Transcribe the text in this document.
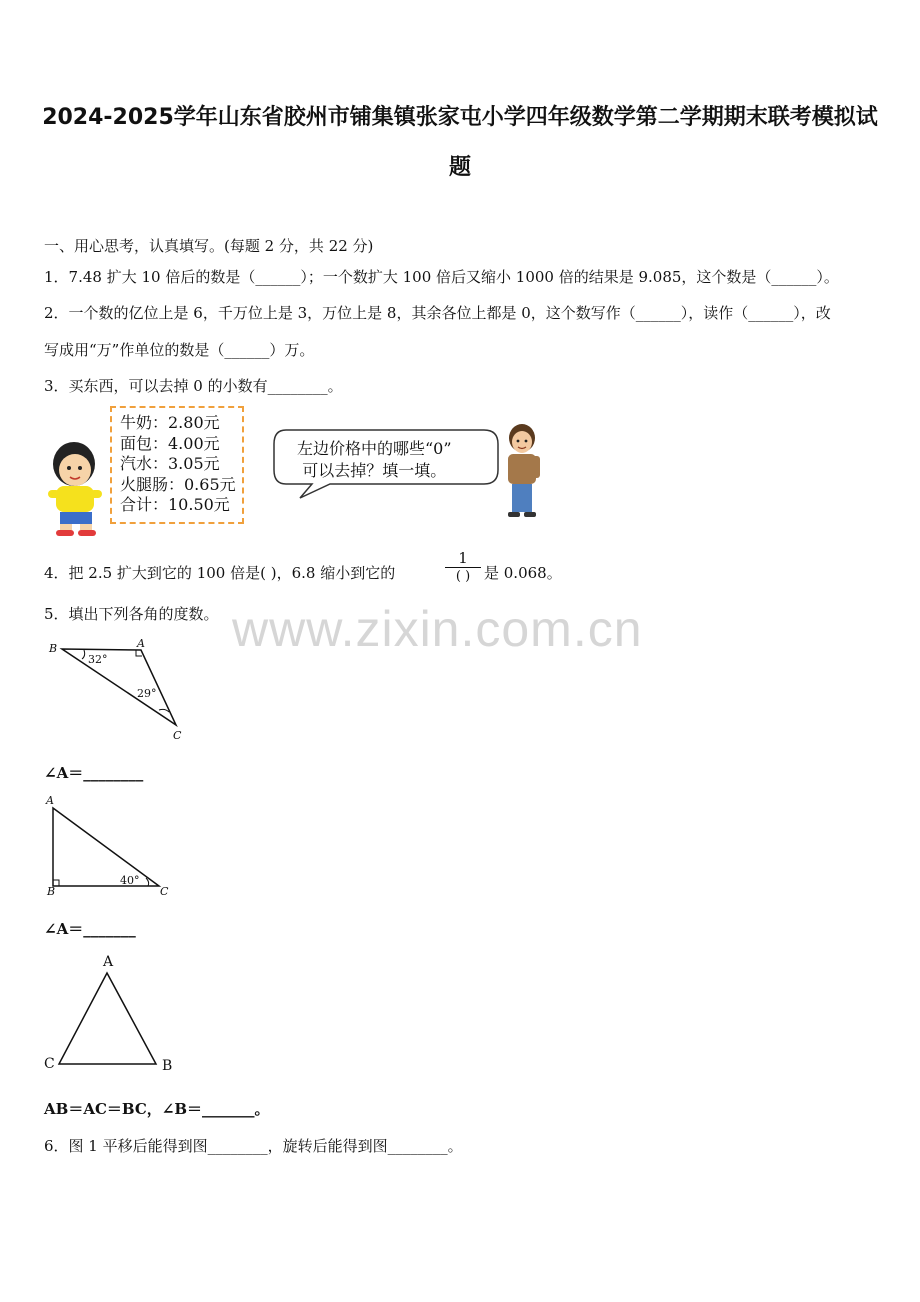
2024-2025学年山东省胶州市铺集镇张家屯小学四年级数学第二学期期末联考模拟试
题
www.zixin.com.cn
一、用心思考，认真填写。(每题 2 分，共 22 分)
1．7.48 扩大 10 倍后的数是（______）；一个数扩大 100 倍后又缩小 1000 倍的结果是 9.085，这个数是（______）。
2．一个数的亿位上是 6，千万位上是 3，万位上是 8，其余各位上都是 0，这个数写作（______），读作（______），改
写成用“万”作单位的数是（______）万。
3．买东西，可以去掉 0 的小数有________。
牛奶：2.80元
面包：4.00元
汽水：3.05元
火腿肠：0.65元
合计：10.50元
左边价格中的哪些“0”
可以去掉？填一填。
4．把 2.5 扩大到它的 100 倍是( )，6.8 缩小到它的
1
( ) 是 0.068。
5．填出下列各角的度数。
B	A
C
32°
29°
∠A＝________
A
B	C
40°
∠A＝_______
A
C	B
AB＝AC＝BC，∠B＝_______。
6．图 1 平移后能得到图________，旋转后能得到图________。
